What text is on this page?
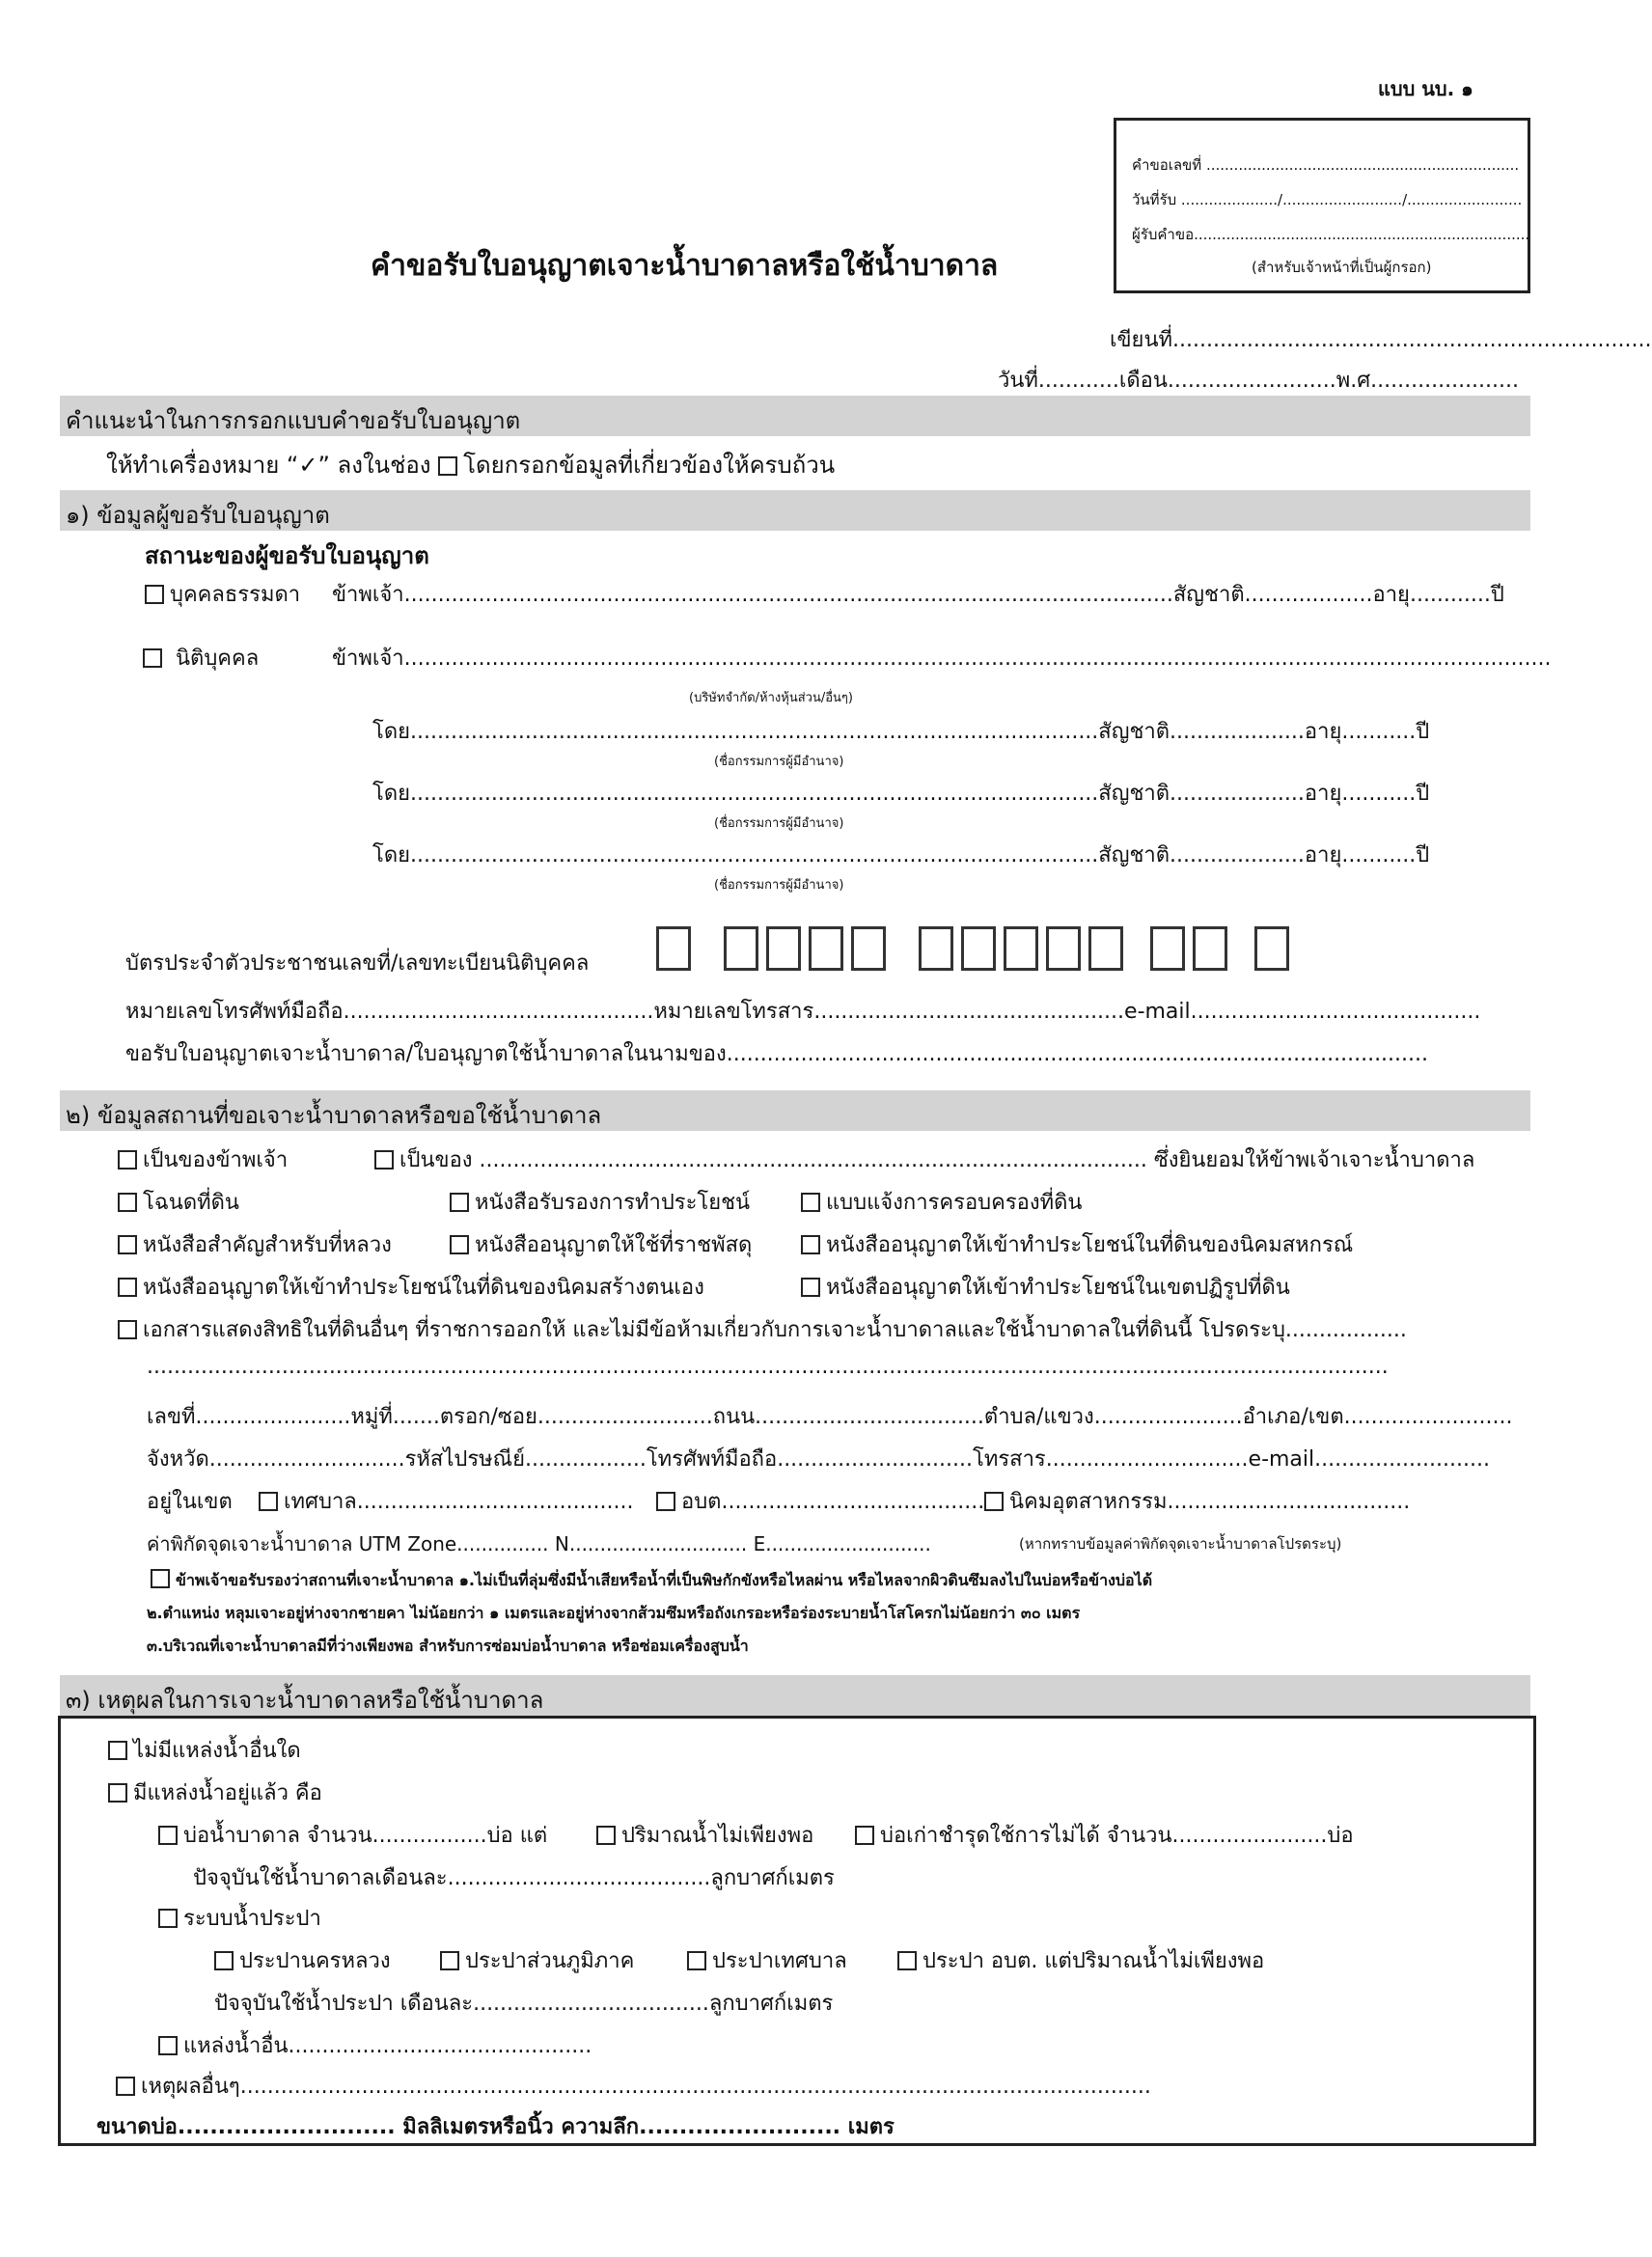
แบบ นบ. ๑
คำขอเลขที่ ....................................................................
วันที่รับ ...................../........................../.........................
ผู้รับคำขอ.........................................................................
(สำหรับเจ้าหน้าที่เป็นผู้กรอก)
คำขอรับใบอนุญาตเจาะน้ำบาดาลหรือใช้น้ำบาดาล
เขียนที่.......................................................................
วันที่............เดือน.........................พ.ศ......................
คำแนะนำในการกรอกแบบคำขอรับใบอนุญาต
ให้ทำเครื่องหมาย “✓” ลงในช่อง โดยกรอกข้อมูลที่เกี่ยวข้องให้ครบถ้วน
๑) ข้อมูลผู้ขอรับใบอนุญาต
สถานะของผู้ขอรับใบอนุญาต
บุคคลธรรมดา ข้าพเจ้า..................................................................................................................สัญชาติ...................อายุ............ปี
นิติบุคคล	ข้าพเจ้า..........................................................................................................................................................................
(บริษัทจำกัด/ห้างหุ้นส่วน/อื่นๆ)
โดย......................................................................................................สัญชาติ....................อายุ...........ปี
(ชื่อกรรมการผู้มีอำนาจ)
โดย......................................................................................................สัญชาติ....................อายุ...........ปี
(ชื่อกรรมการผู้มีอำนาจ)
โดย......................................................................................................สัญชาติ....................อายุ...........ปี
(ชื่อกรรมการผู้มีอำนาจ)
บัตรประจำตัวประชาชนเลขที่/เลขทะเบียนนิติบุคคล
หมายเลขโทรศัพท์มือถือ..............................................หมายเลขโทรสาร..............................................e-mail...........................................
ขอรับใบอนุญาตเจาะน้ำบาดาล/ใบอนุญาตใช้น้ำบาดาลในนามของ........................................................................................................
๒) ข้อมูลสถานที่ขอเจาะน้ำบาดาลหรือขอใช้น้ำบาดาล
เป็นของข้าพเจ้า	เป็นของ ................................................................................................... ซึ่งยินยอมให้ข้าพเจ้าเจาะน้ำบาดาล
โฉนดที่ดิน	หนังสือรับรองการทำประโยชน์	แบบแจ้งการครอบครองที่ดิน
หนังสือสำคัญสำหรับที่หลวง	หนังสืออนุญาตให้ใช้ที่ราชพัสดุ	หนังสืออนุญาตให้เข้าทำประโยชน์ในที่ดินของนิคมสหกรณ์
หนังสืออนุญาตให้เข้าทำประโยชน์ในที่ดินของนิคมสร้างตนเอง	หนังสืออนุญาตให้เข้าทำประโยชน์ในเขตปฏิรูปที่ดิน
เอกสารแสดงสิทธิในที่ดินอื่นๆ ที่ราชการออกให้ และไม่มีข้อห้ามเกี่ยวกับการเจาะน้ำบาดาลและใช้น้ำบาดาลในที่ดินนี้ โปรดระบุ..................
........................................................................................................................................................................................
เลขที่.......................หมู่ที่.......ตรอก/ซอย..........................ถนน..................................ตำบล/แขวง......................อำเภอ/เขต.........................
จังหวัด.............................รหัสไปรษณีย์..................โทรศัพท์มือถือ.............................โทรสาร..............................e-mail..........................
อยู่ในเขต	เทศบาล.........................................	อบต.......................................	นิคมอุตสาหกรรม....................................
ค่าพิกัดจุดเจาะน้ำบาดาล UTM Zone............... N............................. E...........................	(หากทราบข้อมูลค่าพิกัดจุดเจาะน้ำบาดาลโปรดระบุ)
ข้าพเจ้าขอรับรองว่าสถานที่เจาะน้ำบาดาล ๑.ไม่เป็นที่ลุ่มซึ่งมีน้ำเสียหรือน้ำที่เป็นพิษกักขังหรือไหลผ่าน หรือไหลจากผิวดินซึมลงไปในบ่อหรือข้างบ่อได้
๒.ตำแหน่ง หลุมเจาะอยู่ห่างจากชายคา ไม่น้อยกว่า ๑ เมตรและอยู่ห่างจากส้วมซึมหรือถังเกรอะหรือร่องระบายน้ำโสโครกไม่น้อยกว่า ๓๐ เมตร
๓.บริเวณที่เจาะน้ำบาดาลมีที่ว่างเพียงพอ สำหรับการซ่อมบ่อน้ำบาดาล หรือซ่อมเครื่องสูบน้ำ
๓) เหตุผลในการเจาะน้ำบาดาลหรือใช้น้ำบาดาล
ไม่มีแหล่งน้ำอื่นใด
มีแหล่งน้ำอยู่แล้ว คือ
บ่อน้ำบาดาล จำนวน.................บ่อ แต่	ปริมาณน้ำไม่เพียงพอ	บ่อเก่าชำรุดใช้การไม่ได้ จำนวน.......................บ่อ
ปัจจุบันใช้น้ำบาดาลเดือนละ.......................................ลูกบาศก์เมตร
ระบบน้ำประปา
ประปานครหลวง	ประปาส่วนภูมิภาค	ประปาเทศบาล	ประปา อบต. แต่ปริมาณน้ำไม่เพียงพอ
ปัจจุบันใช้น้ำประปา เดือนละ...................................ลูกบาศก์เมตร
แหล่งน้ำอื่น.............................................
เหตุผลอื่นๆ.......................................................................................................................................
ขนาดบ่อ........................... มิลลิเมตรหรือนิ้ว ความลึก......................... เมตร
